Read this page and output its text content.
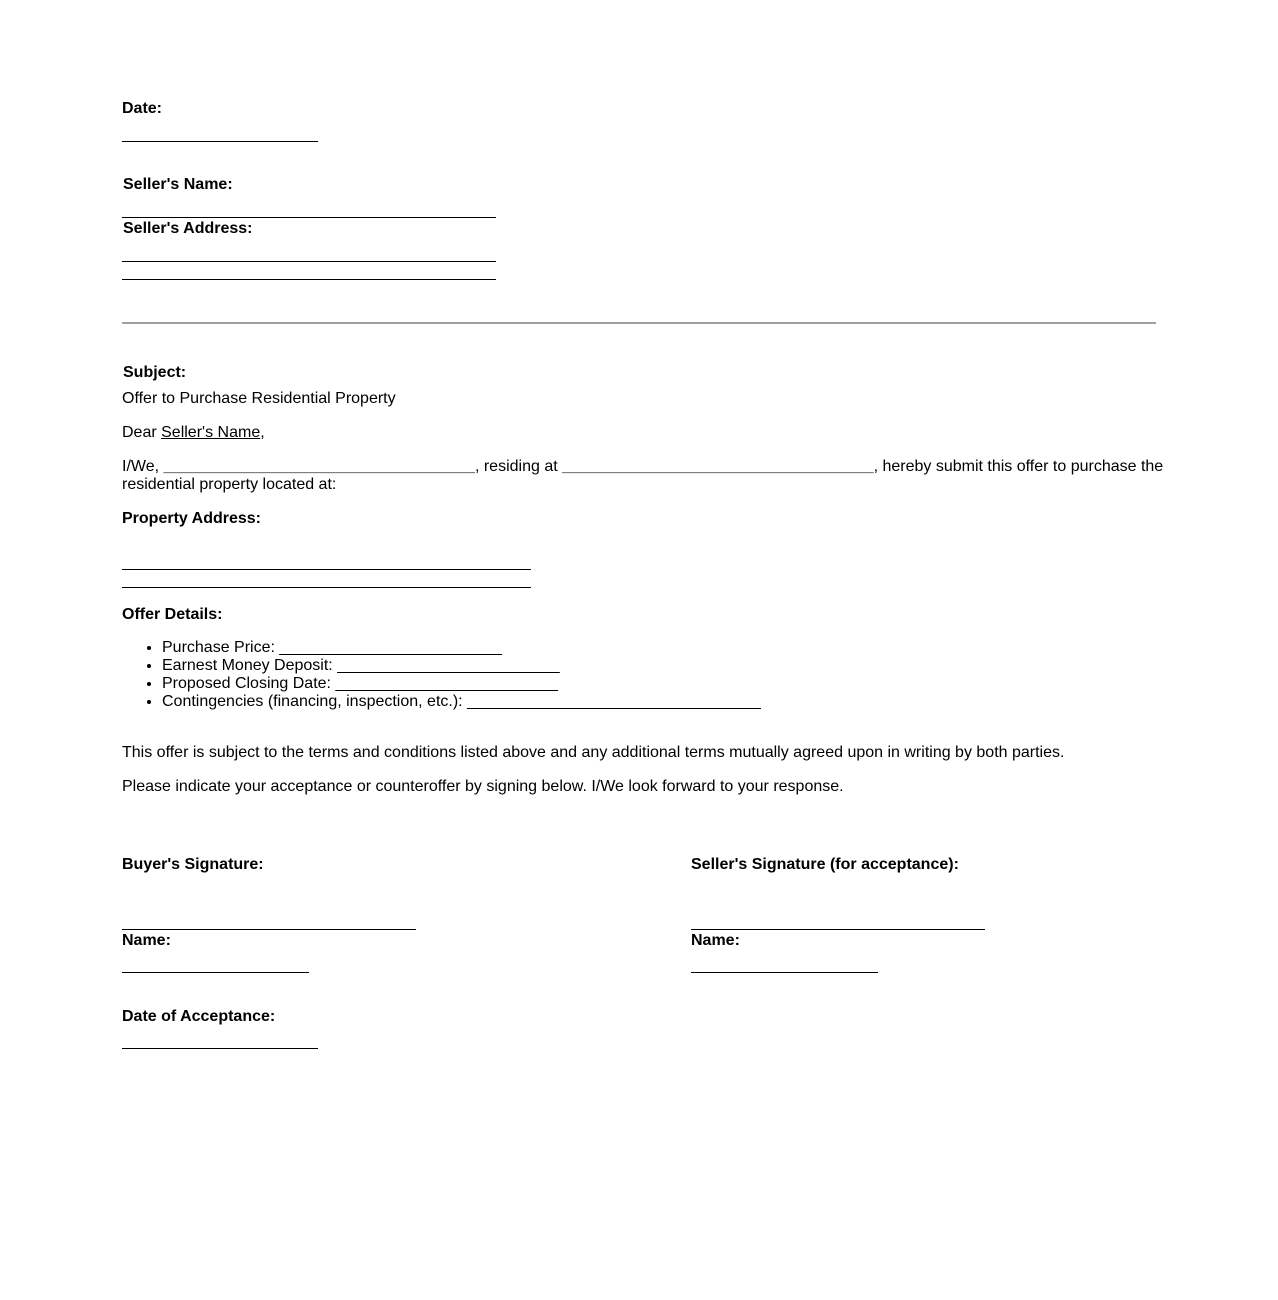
Date:
Seller's Name:
Seller's Address:
Subject:
Offer to Purchase Residential Property
Dear Seller's Name,
I/We, ___________________________________, residing at ___________________________________, hereby submit this offer to purchase the
residential property located at:
Property Address:
Offer Details:
• Purchase Price: _________________________
• Earnest Money Deposit: _________________________
• Proposed Closing Date: _________________________
• Contingencies (financing, inspection, etc.): _________________________________
This offer is subject to the terms and conditions listed above and any additional terms mutually agreed upon in writing by both parties.
Please indicate your acceptance or counteroffer by signing below. I/We look forward to your response.
Buyer's Signature:
Name:
Seller's Signature (for acceptance):
Name:
Date of Acceptance:
